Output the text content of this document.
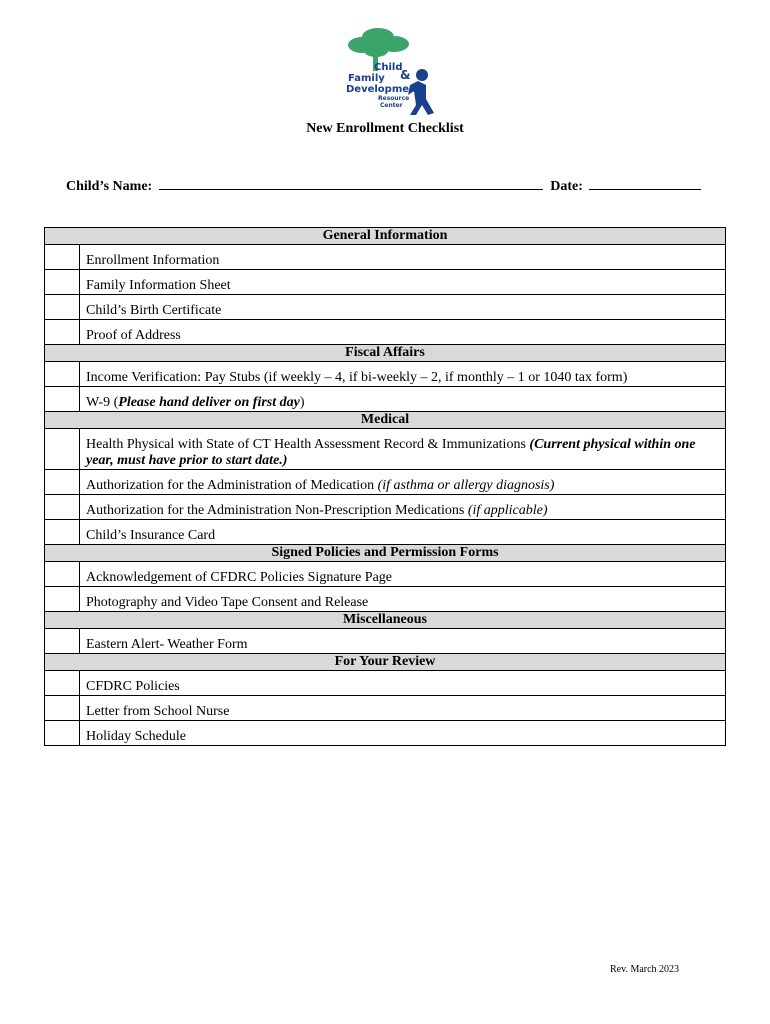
Child
&
Family
Development
Resource
Center
New Enrollment Checklist
Child’s Name:	Date:
General Information	
	Enrollment Information
	Family Information Sheet
	Child’s Birth Certificate
	Proof of Address
Fiscal Affairs	
	Income Verification: Pay Stubs (if weekly – 4, if bi-weekly – 2, if monthly – 1 or 1040 tax form)
	W-9 (Please hand deliver on first day)
Medical	
	Health Physical with State of CT Health Assessment Record & Immunizations (Current physical within one year, must have prior to start date.)
	Authorization for the Administration of Medication (if asthma or allergy diagnosis)
	Authorization for the Administration Non-Prescription Medications (if applicable)
	Child’s Insurance Card
Signed Policies and Permission Forms	
	Acknowledgement of CFDRC Policies Signature Page
	Photography and Video Tape Consent and Release
Miscellaneous	
	Eastern Alert- Weather Form
For Your Review	
	CFDRC Policies
	Letter from School Nurse
	Holiday Schedule
Rev. March 2023
